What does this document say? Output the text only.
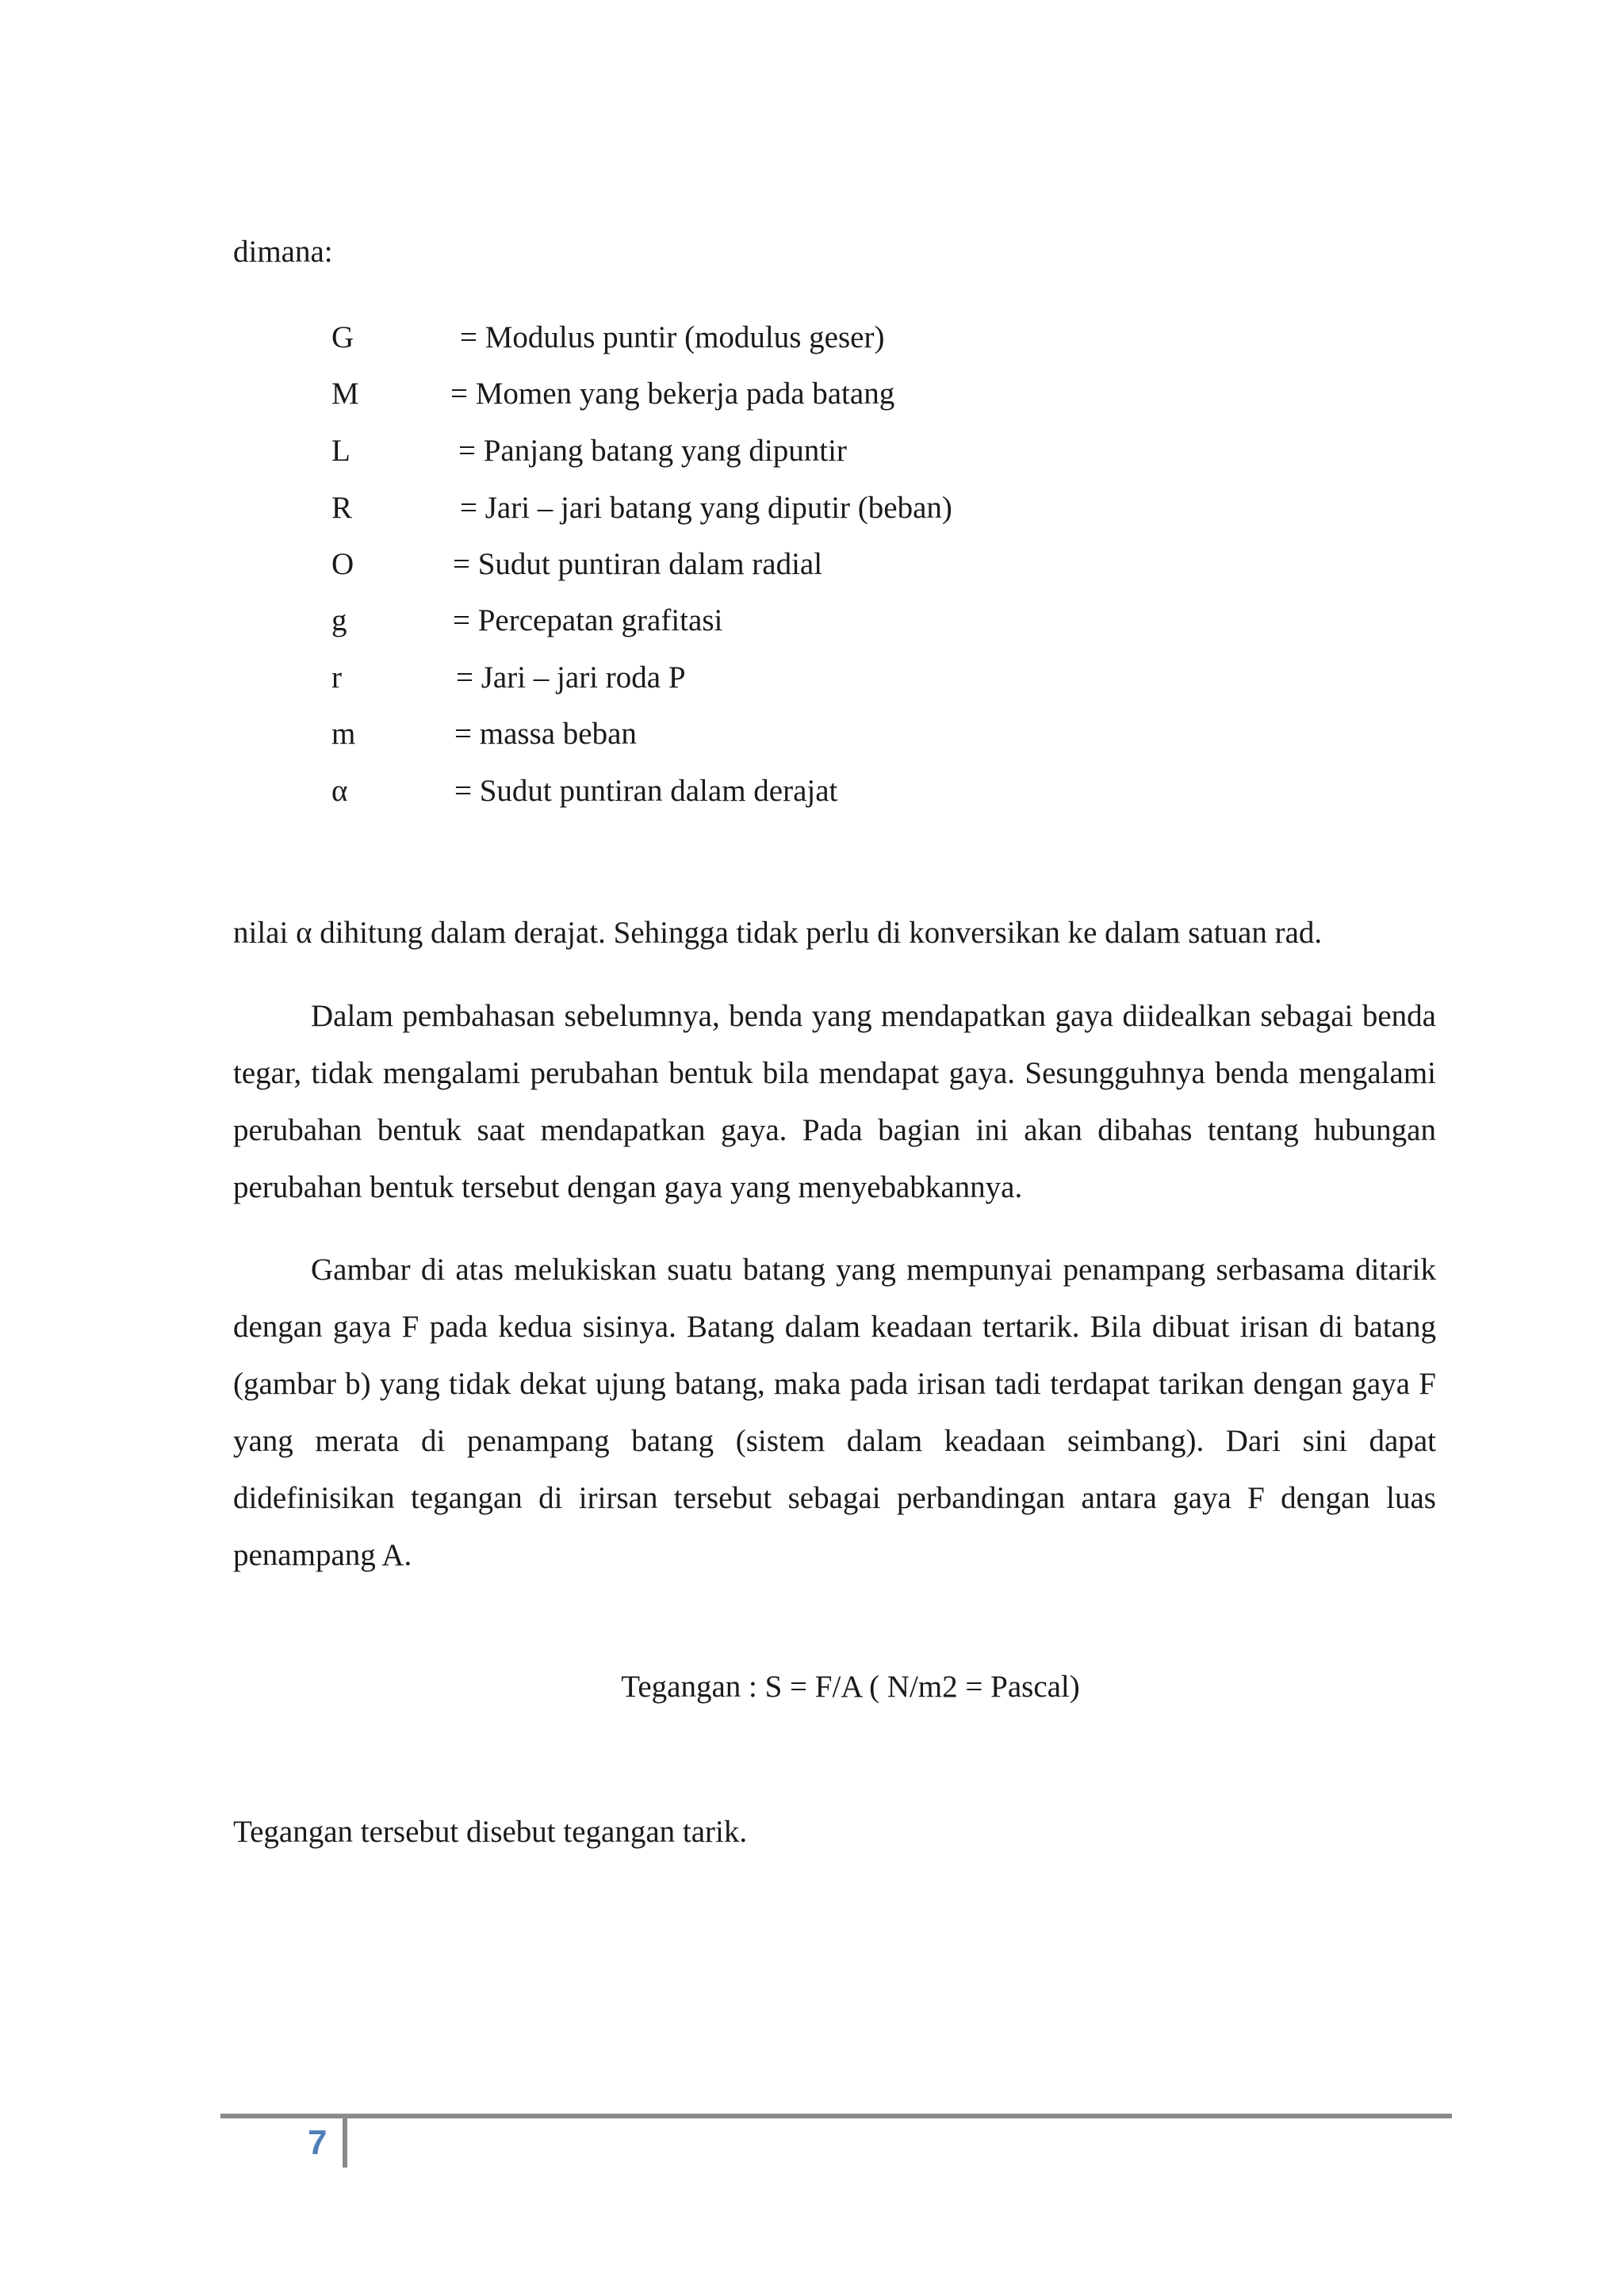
dimana:
G	= Modulus puntir (modulus geser)
M	= Momen yang bekerja pada batang
L	= Panjang batang yang dipuntir
R	= Jari – jari batang yang diputir (beban)
O	= Sudut puntiran dalam radial
g	= Percepatan grafitasi
r	= Jari – jari roda P
m	= massa beban
α	= Sudut puntiran dalam derajat
nilai α dihitung dalam derajat. Sehingga tidak perlu di konversikan ke dalam satuan rad.
Dalam pembahasan sebelumnya, benda yang mendapatkan gaya diidealkan sebagai benda tegar, tidak mengalami perubahan bentuk bila mendapat gaya. Sesungguhnya benda mengalami perubahan bentuk saat mendapatkan gaya. Pada bagian ini akan dibahas tentang hubungan perubahan bentuk tersebut dengan gaya yang menyebabkannya.
Gambar di atas melukiskan suatu batang yang mempunyai penampang serbasama ditarik dengan gaya F pada kedua sisinya. Batang dalam keadaan tertarik. Bila dibuat irisan di batang (gambar b) yang tidak dekat ujung batang, maka pada irisan tadi terdapat tarikan dengan gaya F yang merata di penampang batang (sistem dalam keadaan seimbang). Dari sini dapat didefinisikan tegangan di irirsan tersebut sebagai perbandingan antara gaya F dengan luas penampang A.
Tegangan : S = F/A ( N/m2 = Pascal)
Tegangan tersebut disebut tegangan tarik.
7
